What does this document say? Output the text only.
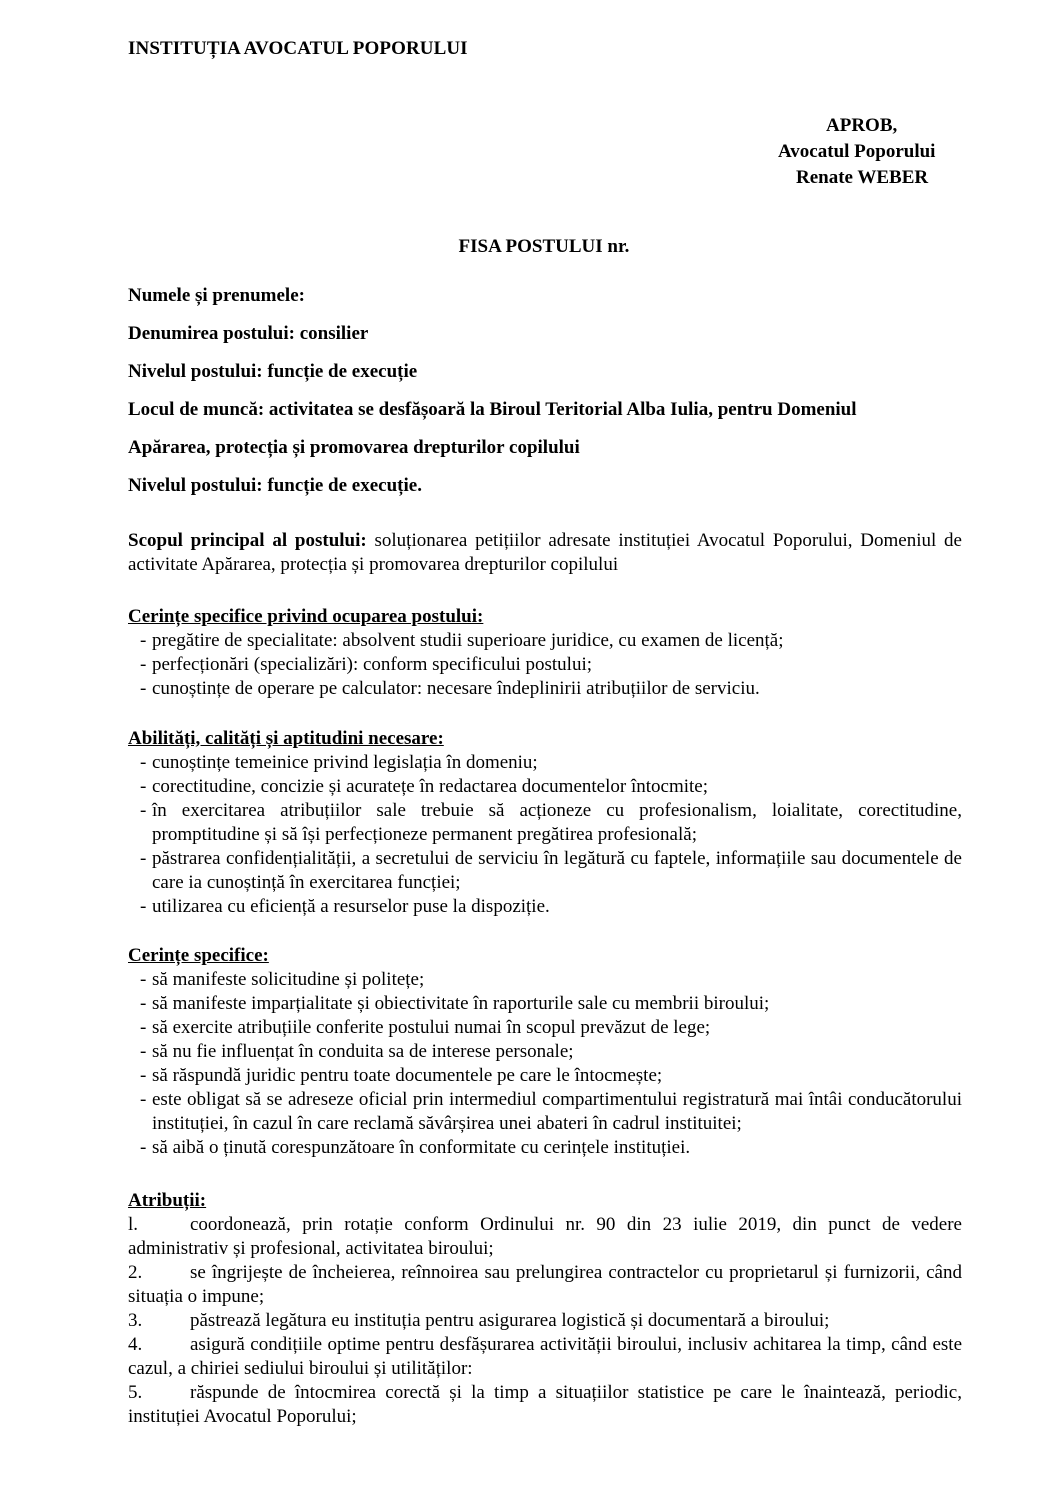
INSTITUȚIA AVOCATUL POPORULUI
APROB,
Avocatul Poporului
Renate WEBER
FISA POSTULUI nr.
Numele și prenumele:
Denumirea postului: consilier
Nivelul postului: funcție de execuție
Locul de muncă: activitatea se desfășoară la Biroul Teritorial Alba Iulia, pentru Domeniul
Apărarea, protecția și promovarea drepturilor copilului
Nivelul postului: funcție de execuție.
Scopul principal al postului: soluționarea petițiilor adresate instituției Avocatul Poporului, Domeniul de activitate Apărarea, protecția și promovarea drepturilor copilului
Cerințe specifice privind ocuparea postului:
- pregătire de specialitate: absolvent studii superioare juridice, cu examen de licență;
- perfecționări (specializări): conform specificului postului;
- cunoștințe de operare pe calculator: necesare îndeplinirii atribuțiilor de serviciu.
Abilități, calități și aptitudini necesare:
- cunoștințe temeinice privind legislația în domeniu;
- corectitudine, concizie și acuratețe în redactarea documentelor întocmite;
- în exercitarea atribuțiilor sale trebuie să acționeze cu profesionalism, loialitate, corectitudine, promptitudine și să își perfecționeze permanent pregătirea profesională;
- păstrarea confidențialității, a secretului de serviciu în legătură cu faptele, informațiile sau documentele de care ia cunoștință în exercitarea funcției;
- utilizarea cu eficiență a resurselor puse la dispoziție.
Cerințe specifice:
- să manifeste solicitudine și politețe;
- să manifeste imparțialitate și obiectivitate în raporturile sale cu membrii biroului;
- să exercite atribuțiile conferite postului numai în scopul prevăzut de lege;
- să nu fie influențat în conduita sa de interese personale;
- să răspundă juridic pentru toate documentele pe care le întocmește;
- este obligat să se adreseze oficial prin intermediul compartimentului registratură mai întâi conducătorului instituției, în cazul în care reclamă săvârșirea unei abateri în cadrul instituitei;
- să aibă o ținută corespunzătoare în conformitate cu cerințele instituției.
Atribuții:
l.	coordonează, prin rotație conform Ordinului nr. 90 din 23 iulie 2019, din punct de vedere administrativ și profesional, activitatea biroului;
2.	se îngrijește de încheierea, reînnoirea sau prelungirea contractelor cu proprietarul și furnizorii, când situația o impune;
3.	păstrează legătura eu instituția pentru asigurarea logistică și documentară a biroului;
4.	asigură condițiile optime pentru desfășurarea activității biroului, inclusiv achitarea la timp, când este cazul, a chiriei sediului biroului și utilităților:
5.	răspunde de întocmirea corectă și la timp a situațiilor statistice pe care le înaintează, periodic, instituției Avocatul Poporului;
